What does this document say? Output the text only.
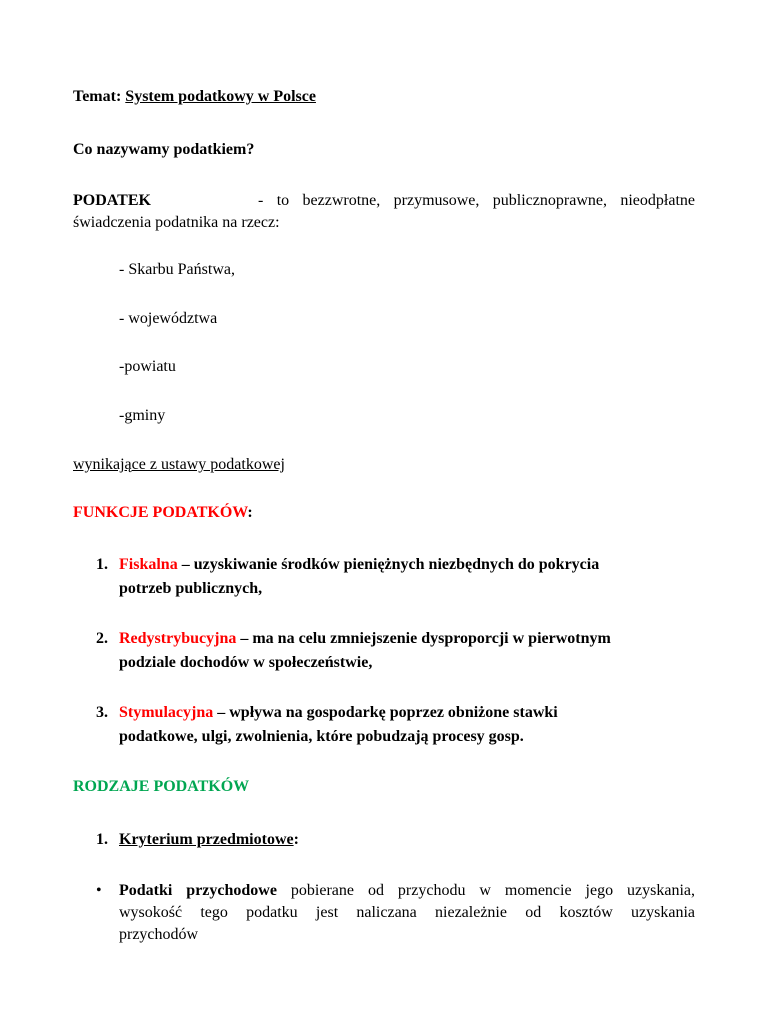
Temat: System podatkowy w Polsce
Co nazywamy podatkiem?
PODATEK	- to bezzwrotne, przymusowe, publicznoprawne, nieodpłatne
świadczenia podatnika na rzecz:
- Skarbu Państwa,
- województwa
-powiatu
-gminy
wynikające z ustawy podatkowej
FUNKCJE PODATKÓW:
1. Fiskalna – uzyskiwanie środków pieniężnych niezbędnych do pokrycia
potrzeb publicznych,
2. Redystrybucyjna – ma na celu zmniejszenie dysproporcji w pierwotnym
podziale dochodów w społeczeństwie,
3. Stymulacyjna – wpływa na gospodarkę poprzez obniżone stawki
podatkowe, ulgi, zwolnienia, które pobudzają procesy gosp.
RODZAJE PODATKÓW
1. Kryterium przedmiotowe:
• Podatki przychodowe pobierane od przychodu w momencie jego uzyskania,
wysokość tego podatku jest naliczana niezależnie od kosztów uzyskania
przychodów
